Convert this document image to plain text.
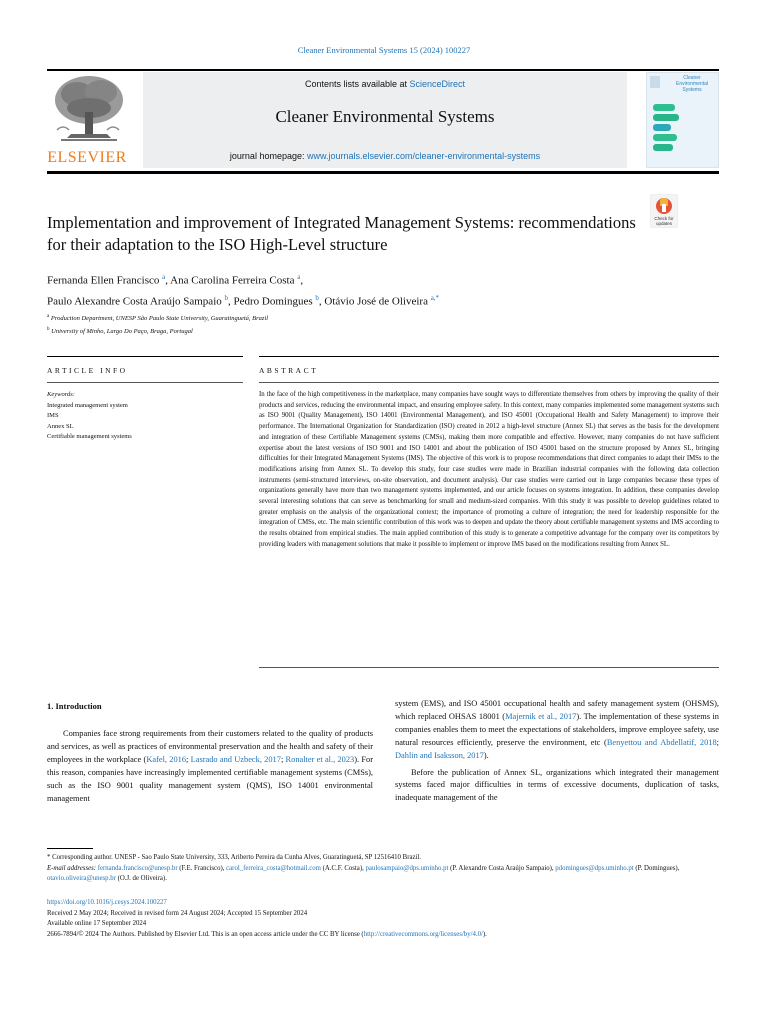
Cleaner Environmental Systems 15 (2024) 100227
ELSEVIER
Contents lists available at ScienceDirect
Cleaner Environmental Systems
journal homepage: www.journals.elsevier.com/cleaner-environmental-systems
Cleaner Environmental Systems
Check for
updates
Implementation and improvement of Integrated Management Systems: recommendations for their adaptation to the ISO High-Level structure
Fernanda Ellen Francisco $^a$, Ana Carolina Ferreira Costa $^a$,
Paulo Alexandre Costa Araújo Sampaio $^b$, Pedro Domingues $^b$, Otávio José de Oliveira $^{a,*}$
$^a$ Production Department, UNESP São Paulo State University, Guaratinguetá, Brazil
$^b$ University of Minho, Largo Do Paço, Braga, Portugal
ARTICLE INFO	ABSTRACT
Keywords:
Integrated management system
IMS
Annex SL
Certifiable management systems
In the face of the high competitiveness in the marketplace, many companies have sought ways to differentiate themselves from others by improving the quality of their products and services, reducing the environmental impact, and ensuring employee safety. In this context, many companies implemented some management systems such as ISO 9001 (Quality Management), ISO 14001 (Environmental Management), and ISO 45001 (Occupational Health and Safety Management) to improve their performance. The International Organization for Standardization (ISO) created in 2012 a high-level structure (Annex SL) that serves as the basis for the development and integration of these Certifiable Management systems (CMSs), making them more compatible and effective. However, many companies do not have sufficient expertise about the latest versions of ISO 9001 and ISO 14001 and about the publication of ISO 45001 based on the structure proposed by Annex SL, bringing difficulties for their Integrated Management Systems (IMS). The objective of this work is to propose recommendations that direct companies to adapt their IMSs to the modifications arising from Annex SL. To develop this study, four case studies were made in Brazilian industrial companies with the following data collection instruments (semi-structured interviews, on-site observation, and document analysis). Our case studies were carried out in large companies because these types of organizations generally have more than two management systems implemented, and our article focuses on systems integration. In addition, these companies develop several interesting solutions that can serve as benchmarking for small and medium-sized companies. With this study it was possible to develop guidelines related to greater emphasis on the analysis of the organizational context; the importance of promoting a culture of integration; the need for leadership responsible for the integration of CMSs, etc. The main scientific contribution of this work was to deepen and update the theory about certifiable management systems and IMS according to the results obtained from empirical studies. The main applied contribution of this study is to generate a competitive advantage for the company over its competitors by providing leaders with management solutions that make it possible to implement or improve IMS based on the modifications resulting from Annex SL.
1. Introduction

Companies face strong requirements from their customers related to the quality of products and services, as well as practices of environmental preservation and the health and safety of their employees in the workplace (Kafel, 2016; Lasrado and Uzbeck, 2017; Ronalter et al., 2023). For this reason, companies have increasingly implemented certifiable management systems (CMSs), such as the ISO 9001 quality management system (QMS), ISO 14001 environmental management

system (EMS), and ISO 45001 occupational health and safety management system (OHSMS), which replaced OHSAS 18001 (Majernik et al., 2017). The implementation of these systems in companies enables them to meet the expectations of stakeholders, improve employee safety, use natural resources efficiently, preserve the environment, etc (Benyettou and Abdellatif, 2018; Dahlin and Isaksson, 2017).

Before the publication of Annex SL, organizations which integrated their management systems faced major difficulties in terms of excessive documents, duplication of tasks, inadequate management of the

* Corresponding author. UNESP - Sao Paulo State University, 333, Ariberto Pereira da Cunha Alves, Guaratinguetá, SP 12516410 Brazil.

E-mail addresses: fernanda.francisco@unesp.br (F.E. Francisco), carol_ferreira_costa@hotmail.com (A.C.F. Costa), paulosampaio@dps.uminho.pt (P. Alexandre Costa Araújo Sampaio), pdomingues@dps.uminho.pt (P. Domingues), otavio.oliveira@unesp.br (O.J. de Oliveira).

https://doi.org/10.1016/j.cesys.2024.100227

Received 2 May 2024; Received in revised form 24 August 2024; Accepted 15 September 2024

Available online 17 September 2024

2666-7894/© 2024 The Authors. Published by Elsevier Ltd. This is an open access article under the CC BY license (http://creativecommons.org/licenses/by/4.0/).
